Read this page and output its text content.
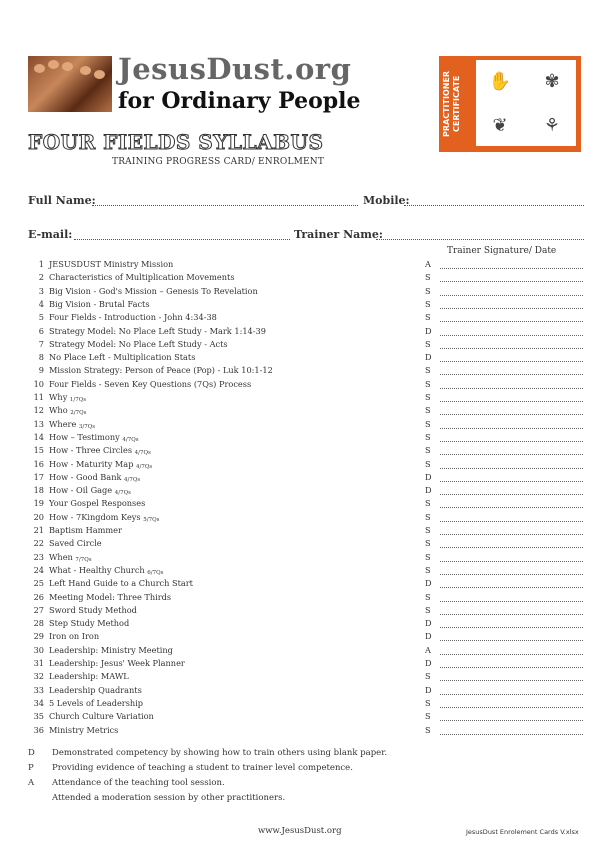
JesusDust.org
for Ordinary People	PRACTITIONER CERTIFICATE	✋	✾
❦	⚘
FOUR FIELDS SYLLABUS
TRAINING PROGRESS CARD/ ENROLMENT
Full Name:	Mobile:
E-mail:	Trainer Name:
Trainer Signature/ Date
1 JESUSDUST Ministry Mission	A
2 Characteristics of Multiplication Movements	S
3 Big Vision - God's Mission – Genesis To Revelation	S
4 Big Vision - Brutal Facts	S
5 Four Fields - Introduction - John 4:34-38	S
6 Strategy Model: No Place Left Study - Mark 1:14-39	D
7 Strategy Model: No Place Left Study - Acts	S
8 No Place Left - Multiplication Stats	D
9 Mission Strategy: Person of Peace (Pop) - Luk 10:1-12	S
10 Four Fields - Seven Key Questions (7Qs) Process	S
11 Why $_{1/7Qs}$	S
12 Who $_{2/7Qs}$	S
13 Where $_{3/7Qs}$	S
14 How – Testimony $_{4/7Qs}$	S
15 How - Three Circles $_{4/7Qs}$	S
16 How - Maturity Map $_{4/7Qs}$	S
17 How - Good Bank $_{4/7Qs}$	D
18 How - Oil Gage $_{4/7Qs}$	D
19 Your Gospel Responses	S
20 How - 7Kingdom Keys $_{5/7Qs}$	S
21 Baptism Hammer	S
22 Saved Circle	S
23 When $_{7/7Qs}$	S
24 What - Healthy Church $_{6/7Qs}$	S
25 Left Hand Guide to a Church Start	D
26 Meeting Model: Three Thirds	S
27 Sword Study Method	S
28 Step Study Method	D
29 Iron on Iron	D
30 Leadership: Ministry Meeting	A
31 Leadership: Jesus' Week Planner	D
32 Leadership: MAWL	S
33 Leadership Quadrants	D
34 5 Levels of Leadership	S
35 Church Culture Variation	S
36 Ministry Metrics	S
D Demonstrated competency by showing how to train others using blank paper.
P Providing evidence of teaching a student to trainer level competence.
A Attendance of the teaching tool session.
Attended a moderation session by other practitioners.
www.JesusDust.org	JesusDust Enrolement Cards V.xlsx
